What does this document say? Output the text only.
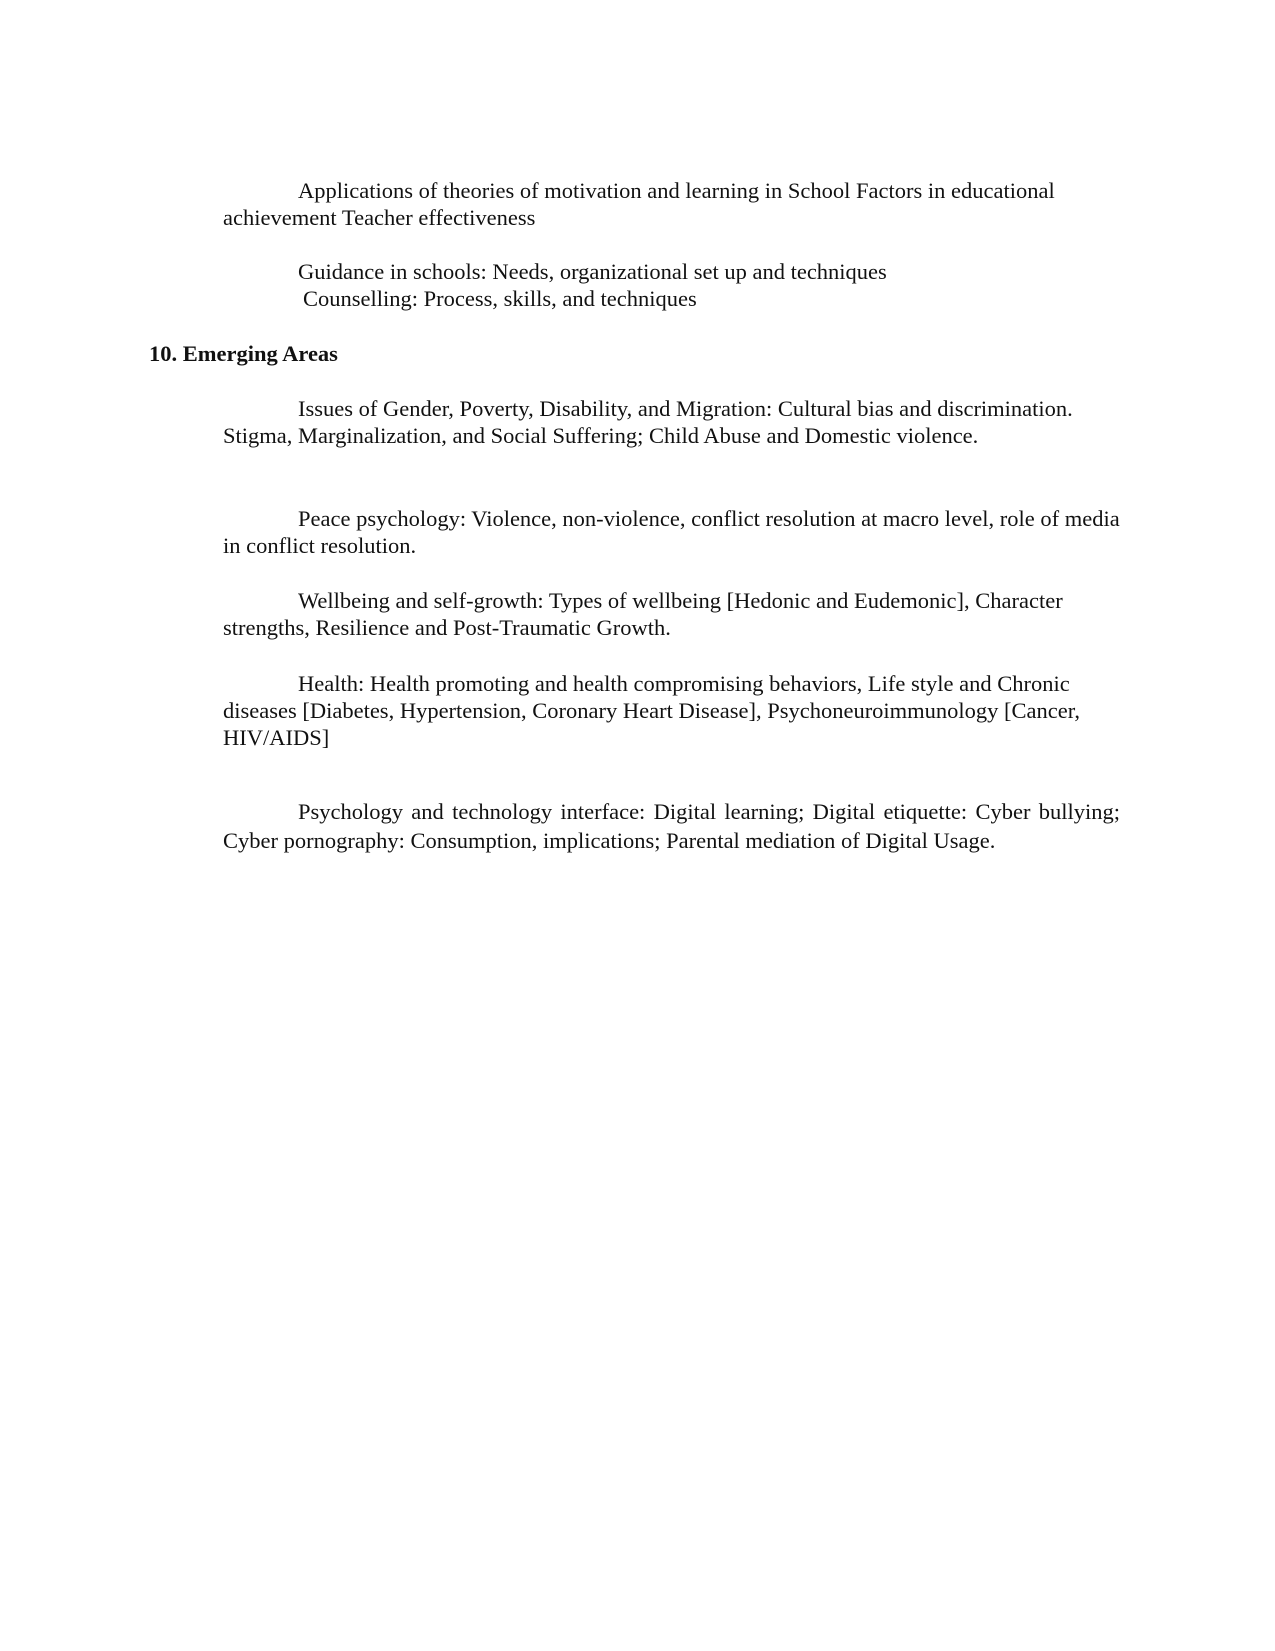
Applications of theories of motivation and learning in School Factors in educational achievement Teacher effectiveness

Guidance in schools: Needs, organizational set up and techniques

Counselling: Process, skills, and techniques

10. Emerging Areas

Issues of Gender, Poverty, Disability, and Migration: Cultural bias and discrimination. Stigma, Marginalization, and Social Suffering; Child Abuse and Domestic violence.

Peace psychology: Violence, non-violence, conflict resolution at macro level, role of media in conflict resolution.

Wellbeing and self-growth: Types of wellbeing [Hedonic and Eudemonic], Character strengths, Resilience and Post-Traumatic Growth.

Health: Health promoting and health compromising behaviors, Life style and Chronic diseases [Diabetes, Hypertension, Coronary Heart Disease], Psychoneuroimmunology [Cancer, HIV/AIDS]

Psychology and technology interface: Digital learning; Digital etiquette: Cyber bullying; Cyber pornography: Consumption, implications; Parental mediation of Digital Usage.
